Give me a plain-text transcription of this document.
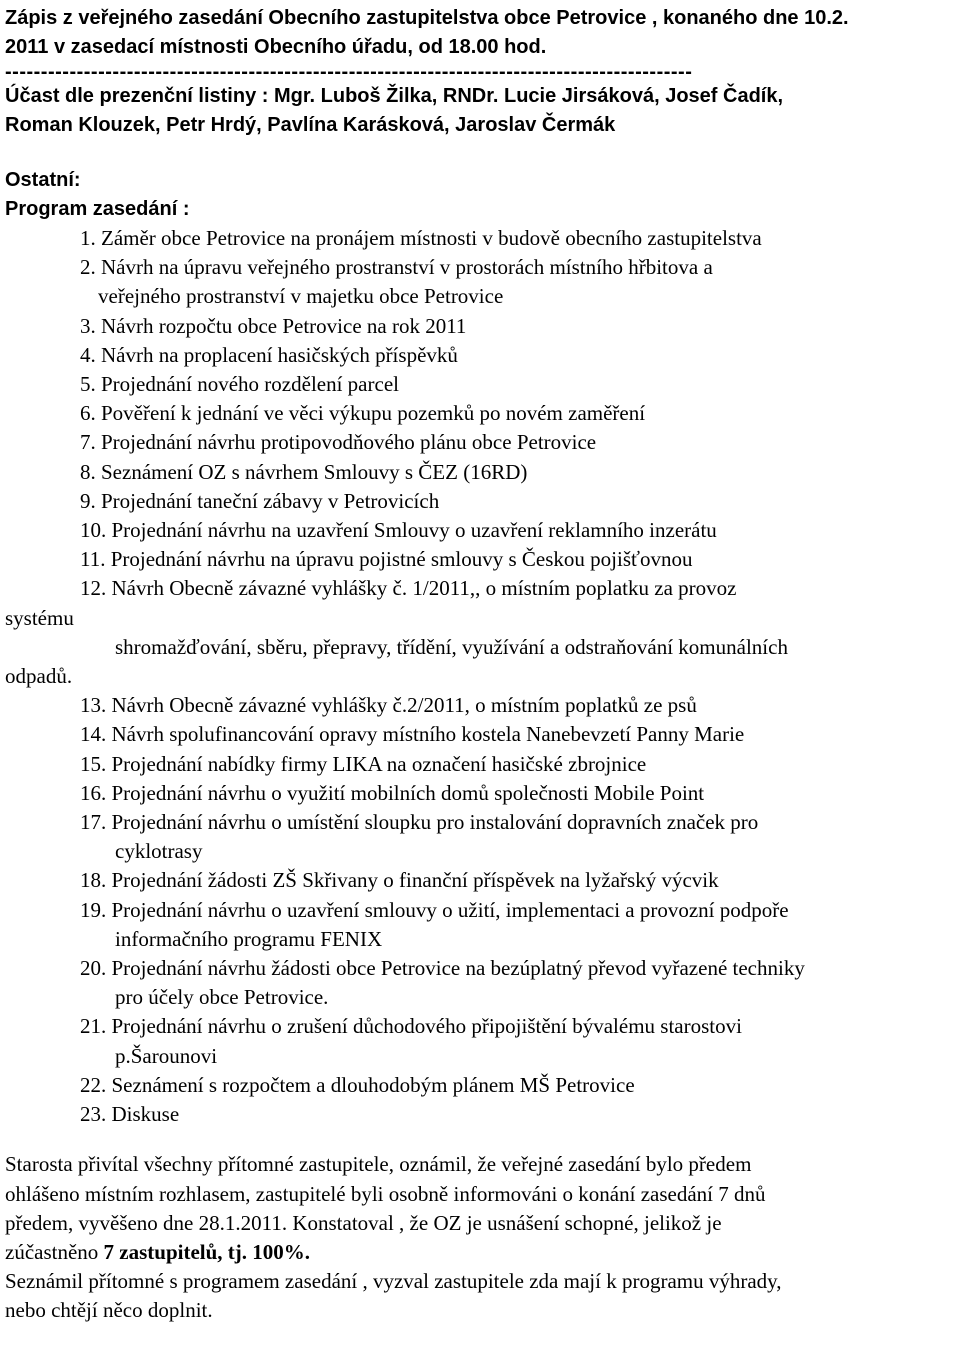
Zápis z veřejného zasedání Obecního zastupitelstva obce Petrovice , konaného dne 10.2.

2011 v zasedací místnosti Obecního úřadu, od 18.00 hod.

------------------------------------------------------------------------------------------------

Účast dle prezenční listiny : Mgr. Luboš Žilka, RNDr. Lucie Jirsáková, Josef Čadík,

Roman Klouzek, Petr Hrdý, Pavlína Karásková, Jaroslav Čermák

Ostatní:

Program zasedání :

1. Záměr obce Petrovice na pronájem místnosti v budově obecního zastupitelstva
2. Návrh na úpravu veřejného prostranství v prostorách místního hřbitova a
veřejného prostranství v majetku obce Petrovice
3. Návrh rozpočtu obce Petrovice na rok 2011
4. Návrh na proplacení hasičských příspěvků
5. Projednání nového rozdělení parcel
6. Pověření k jednání ve věci výkupu pozemků po novém zaměření
7. Projednání návrhu protipovodňového plánu obce Petrovice
8. Seznámení OZ s návrhem Smlouvy s ČEZ (16RD)
9. Projednání taneční zábavy v Petrovicích
10. Projednání návrhu na uzavření Smlouvy o uzavření reklamního inzerátu
11. Projednání návrhu na úpravu pojistné smlouvy s Českou pojišťovnou
12. Návrh Obecně závazné vyhlášky č. 1/2011,, o místním poplatku za provoz
systému
shromažďování, sběru, přepravy, třídění, využívání a odstraňování komunálních
odpadů.
13. Návrh Obecně závazné vyhlášky č.2/2011, o místním poplatků ze psů
14. Návrh spolufinancování opravy místního kostela Nanebevzetí Panny Marie
15. Projednání nabídky firmy LIKA na označení hasičské zbrojnice
16. Projednání návrhu o využití mobilních domů společnosti Mobile Point
17. Projednání návrhu o umístění sloupku pro instalování dopravních značek pro
cyklotrasy
18. Projednání žádosti ZŠ Skřivany o finanční příspěvek na lyžařský výcvik
19. Projednání návrhu o uzavření smlouvy o užití, implementaci a provozní podpoře
informačního programu FENIX
20. Projednání návrhu žádosti obce Petrovice na bezúplatný převod vyřazené techniky
pro účely obce Petrovice.
21. Projednání návrhu o zrušení důchodového připojištění bývalému starostovi
p.Šarounovi
22. Seznámení s rozpočtem a dlouhodobým plánem MŠ Petrovice
23. Diskuse

Starosta přivítal všechny přítomné zastupitele, oznámil, že veřejné zasedání bylo předem
ohlášeno místním rozhlasem, zastupitelé byli osobně informováni o konání zasedání 7 dnů
předem, vyvěšeno dne 28.1.2011. Konstatoval , že OZ je usnášení schopné, jelikož je
zúčastněno 7 zastupitelů, tj. 100%.

Seznámil přítomné s programem zasedání , vyzval zastupitele zda mají k programu výhrady,
nebo chtějí něco doplnit.
